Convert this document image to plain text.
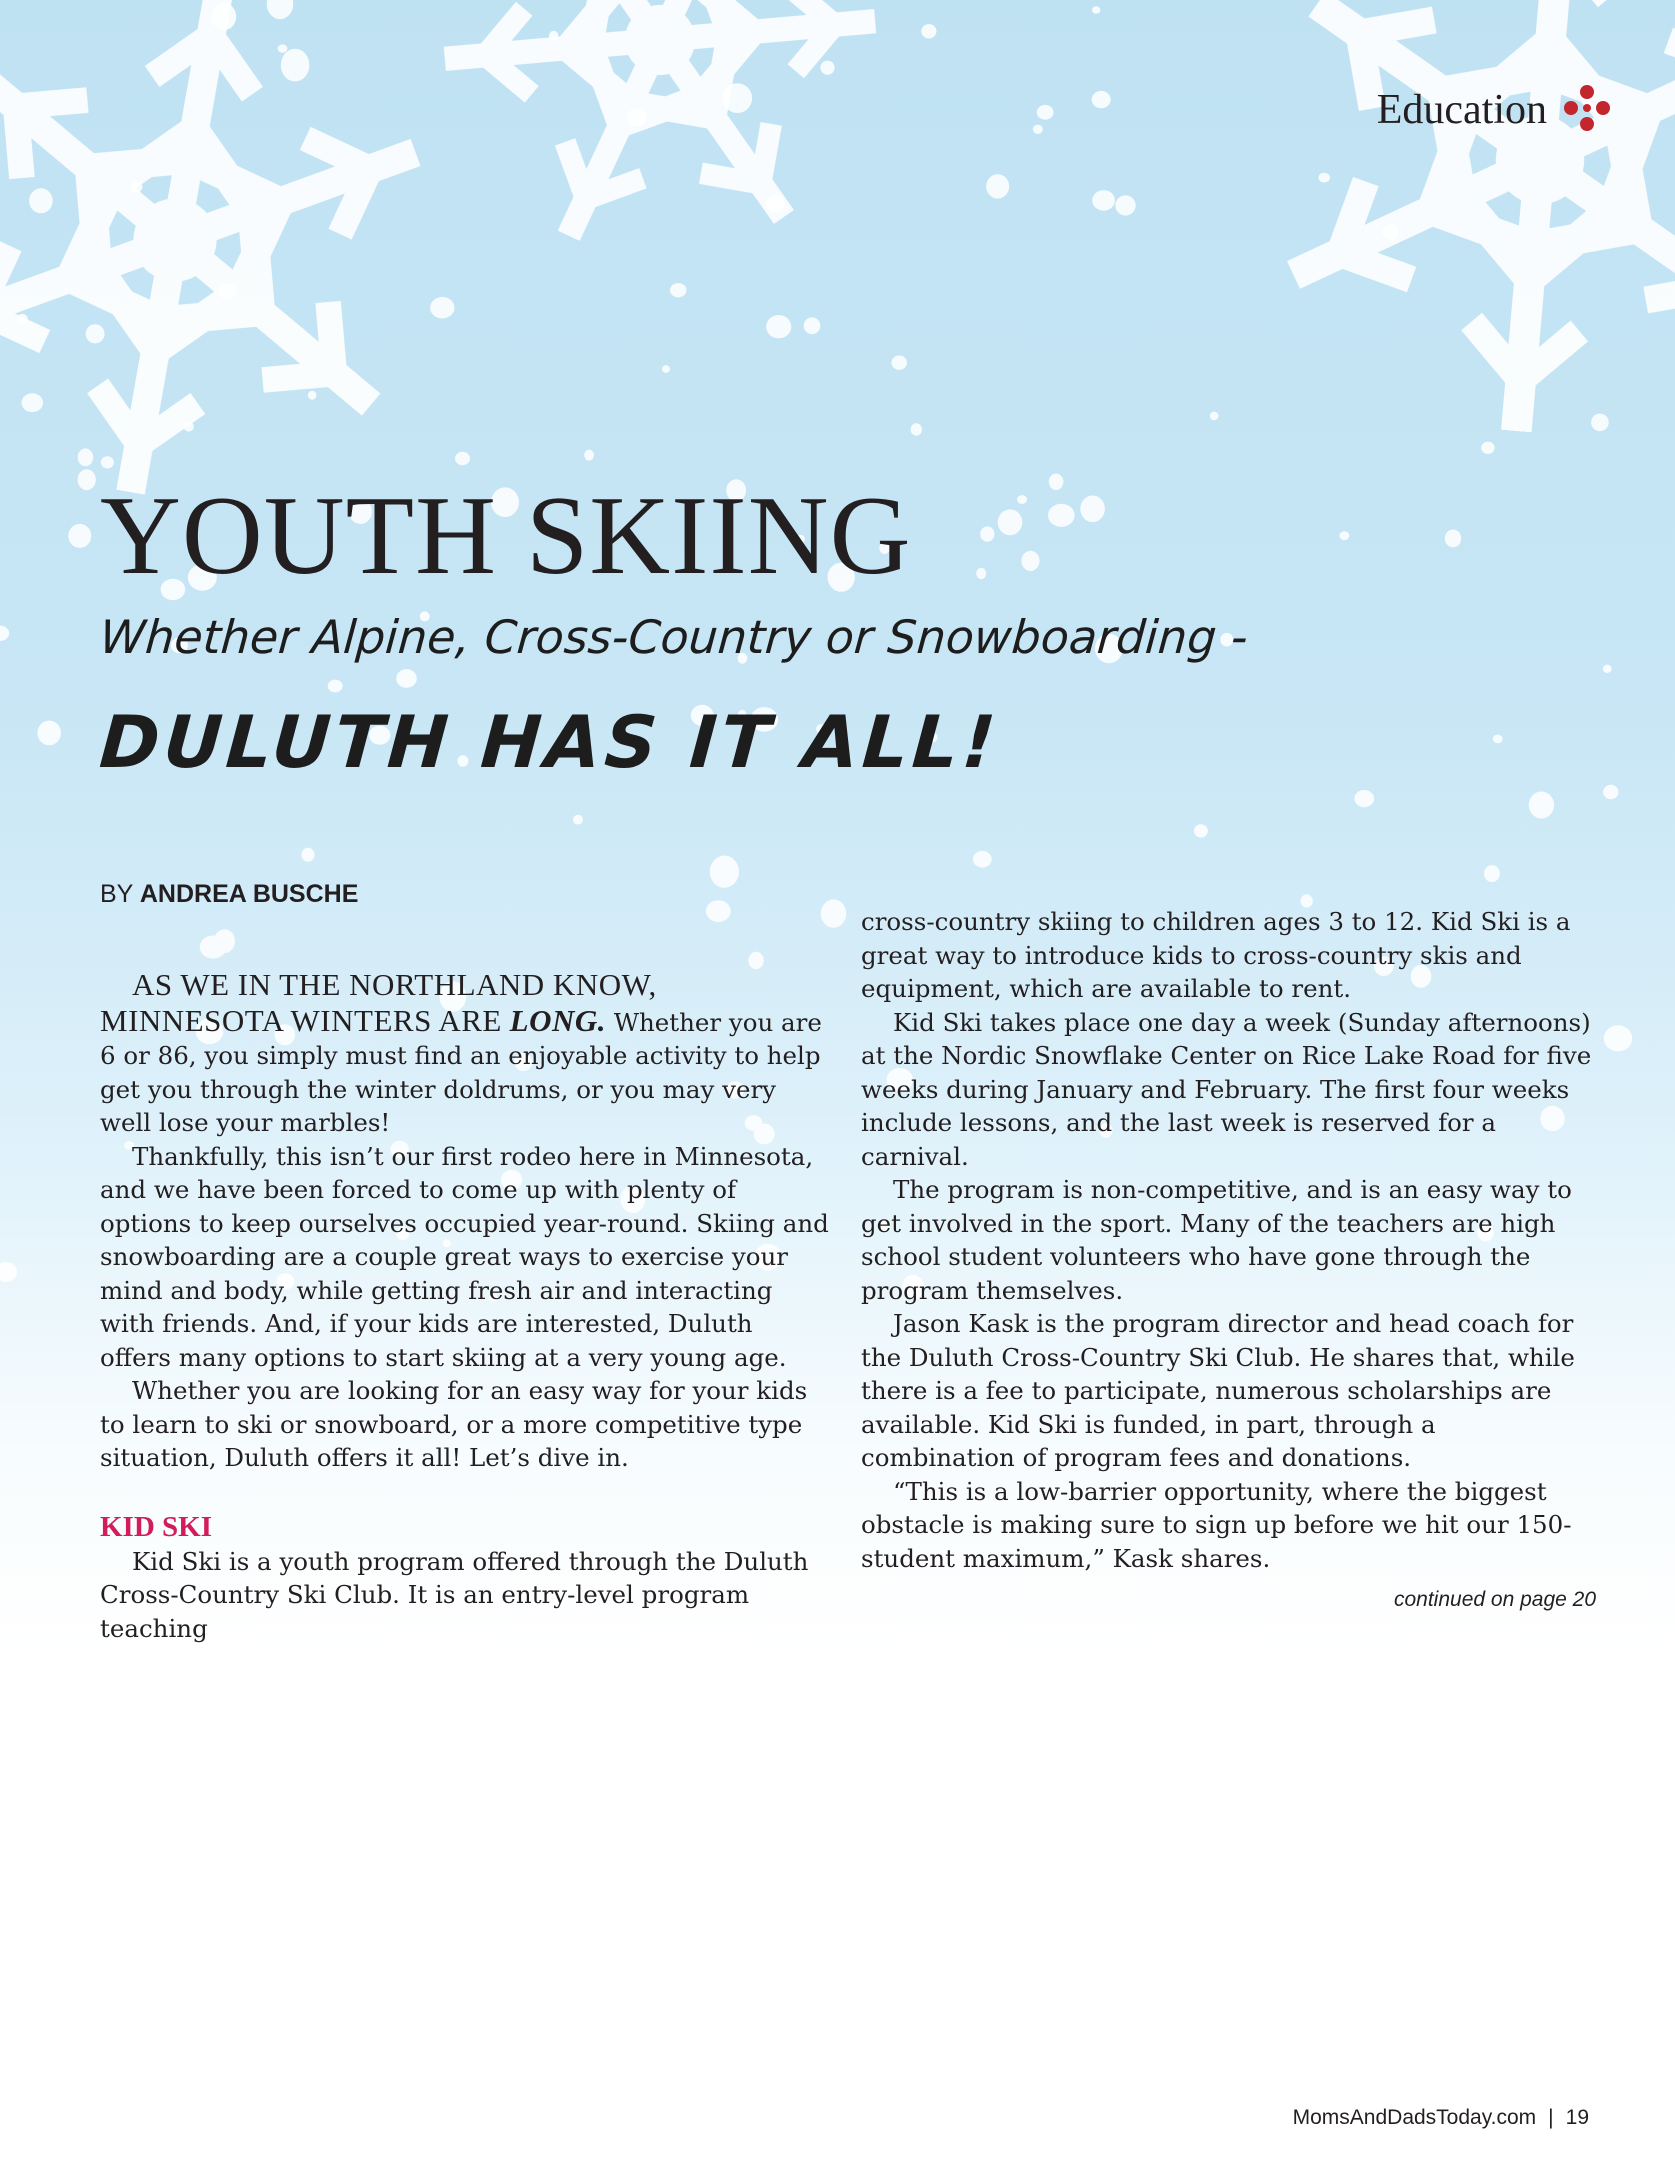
Education
YOUTH SKIING
Whether Alpine, Cross-Country or Snowboarding -
DULUTH HAS IT ALL!
BY ANDREA BUSCHE

AS WE IN THE NORTHLAND KNOW, MINNESOTA WINTERS ARE LONG. Whether you are 6 or 86, you simply must find an enjoyable activity to help get you through the winter doldrums, or you may very well lose your marbles!

Thankfully, this isn’t our first rodeo here in Minnesota, and we have been forced to come up with plenty of options to keep ourselves occupied year-round. Skiing and snowboarding are a couple great ways to exercise your mind and body, while getting fresh air and interacting with friends. And, if your kids are interested, Duluth offers many options to start skiing at a very young age.

Whether you are looking for an easy way for your kids to learn to ski or snowboard, or a more competitive type situation, Duluth offers it all! Let’s dive in.

KID SKI

Kid Ski is a youth program offered through the Duluth Cross-Country Ski Club. It is an entry-level program teaching

cross-country skiing to children ages 3 to 12. Kid Ski is a great way to introduce kids to cross-country skis and equipment, which are available to rent.

Kid Ski takes place one day a week (Sunday afternoons) at the Nordic Snowflake Center on Rice Lake Road for five weeks during January and February. The first four weeks include lessons, and the last week is reserved for a carnival.

The program is non-competitive, and is an easy way to get involved in the sport. Many of the teachers are high school student volunteers who have gone through the program themselves.

Jason Kask is the program director and head coach for the Duluth Cross-Country Ski Club. He shares that, while there is a fee to participate, numerous scholarships are available. Kid Ski is funded, in part, through a combination of program fees and donations.

“This is a low-barrier opportunity, where the biggest obstacle is making sure to sign up before we hit our 150-student maximum,” Kask shares.

continued on page 20
MomsAndDadsToday.com | 19
